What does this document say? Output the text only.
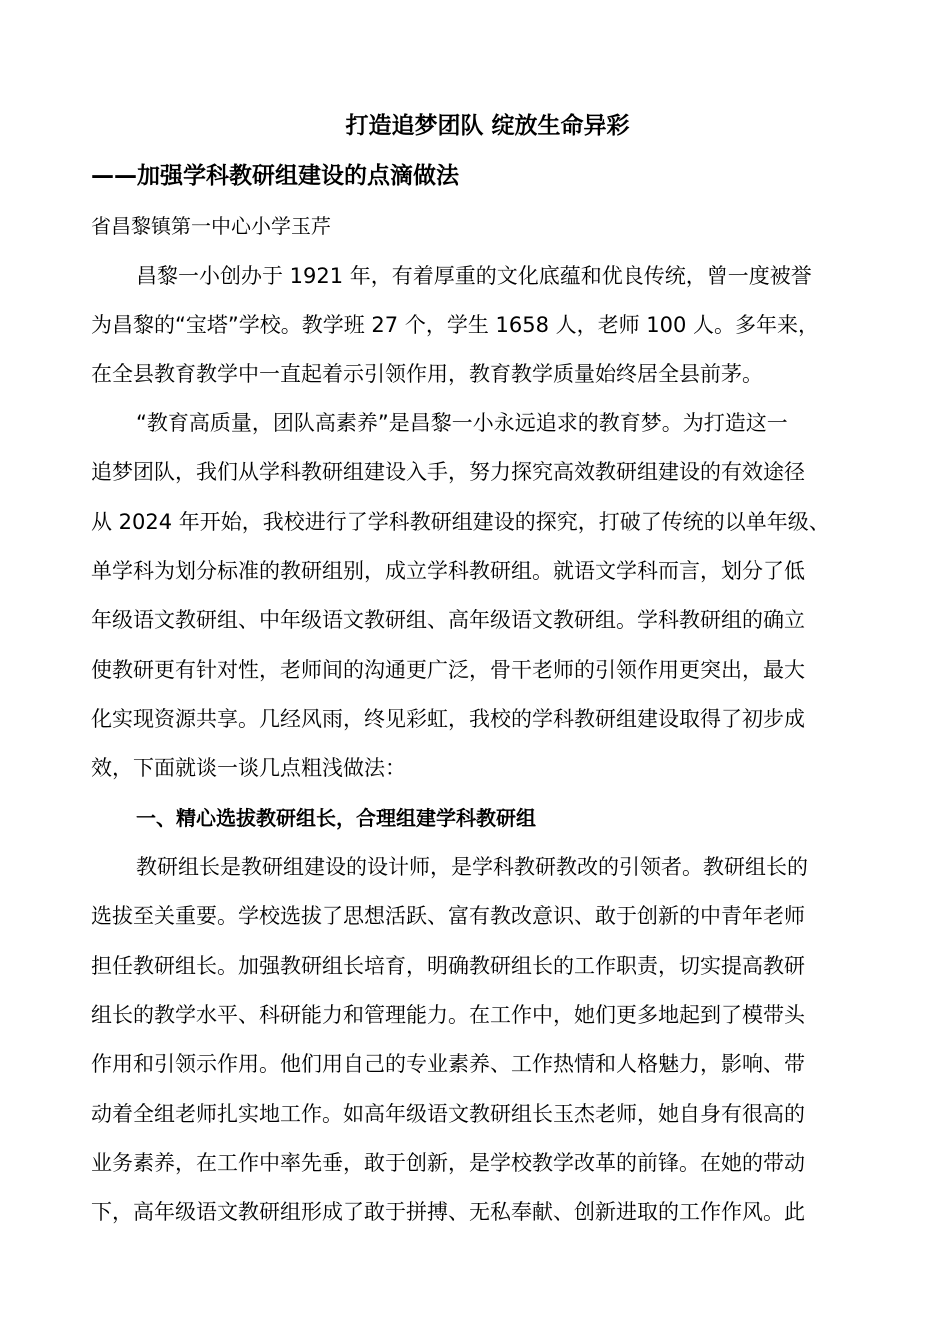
打造追梦团队 绽放生命异彩
——加强学科教研组建设的点滴做法
省昌黎镇第一中心小学玉芹
昌黎一小创办于 1921 年，有着厚重的文化底蕴和优良传统，曾一度被誉
为昌黎的“宝塔”学校。教学班 27 个，学生 1658 人，老师 100 人。多年来，
在全县教育教学中一直起着示引领作用，教育教学质量始终居全县前茅。
“教育高质量，团队高素养”是昌黎一小永远追求的教育梦。为打造这一
追梦团队，我们从学科教研组建设入手，努力探究高效教研组建设的有效途径
从 2024 年开始，我校进行了学科教研组建设的探究，打破了传统的以单年级、
单学科为划分标准的教研组别，成立学科教研组。就语文学科而言，划分了低
年级语文教研组、中年级语文教研组、高年级语文教研组。学科教研组的确立
使教研更有针对性，老师间的沟通更广泛，骨干老师的引领作用更突出，最大
化实现资源共享。几经风雨，终见彩虹，我校的学科教研组建设取得了初步成
效，下面就谈一谈几点粗浅做法：
一、精心选拔教研组长，合理组建学科教研组
教研组长是教研组建设的设计师，是学科教研教改的引领者。教研组长的
选拔至关重要。学校选拔了思想活跃、富有教改意识、敢于创新的中青年老师
担任教研组长。加强教研组长培育，明确教研组长的工作职责，切实提高教研
组长的教学水平、科研能力和管理能力。在工作中，她们更多地起到了模带头
作用和引领示作用。他们用自己的专业素养、工作热情和人格魅力，影响、带
动着全组老师扎实地工作。如高年级语文教研组长玉杰老师，她自身有很高的
业务素养，在工作中率先垂，敢于创新，是学校教学改革的前锋。在她的带动
下，高年级语文教研组形成了敢于拼搏、无私奉献、创新进取的工作作风。此
